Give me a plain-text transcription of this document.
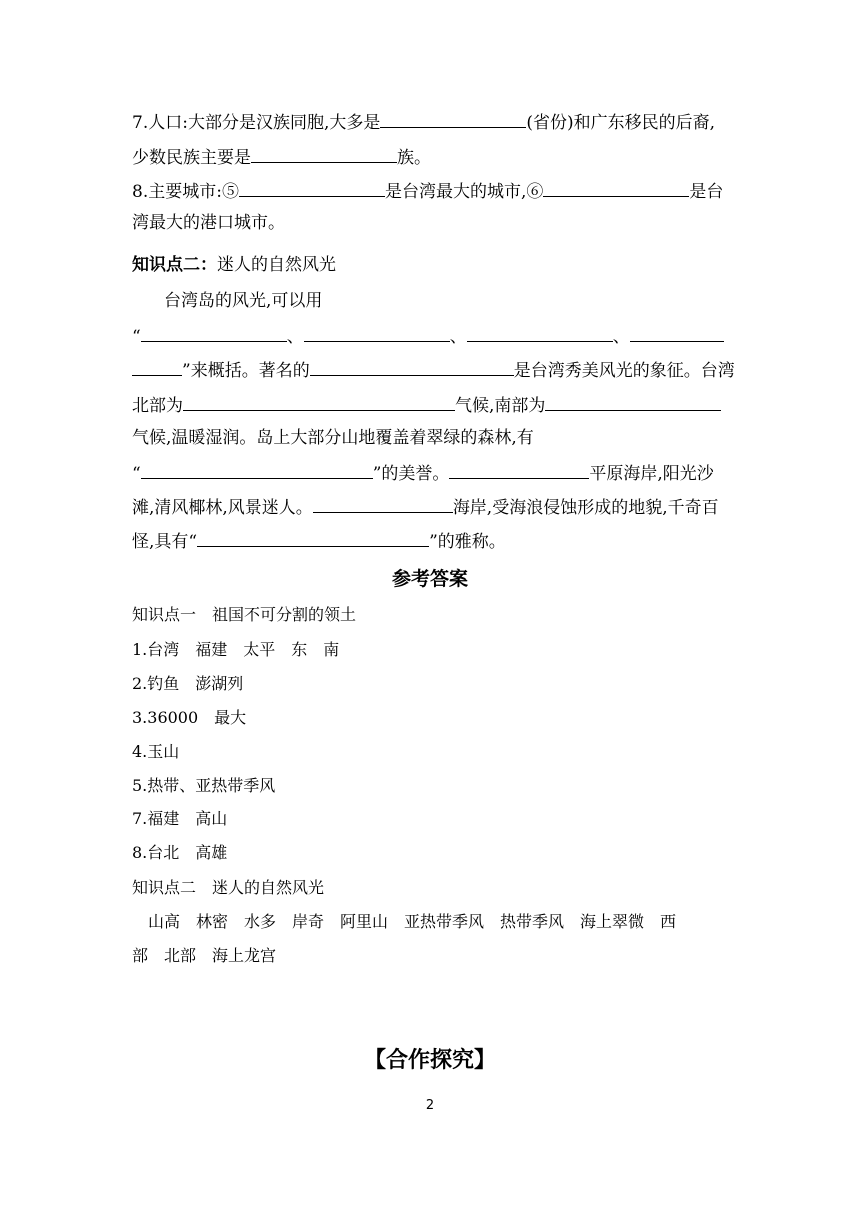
7.人口:大部分是汉族同胞,大多是	(省份)和广东移民的后裔,
少数民族主要是	族。
8.主要城市:⑤	是台湾最大的城市,⑥	是台
湾最大的港口城市。
知识点二：迷人的自然风光
台湾岛的风光,可以用
“	、	、	、
”来概括。著名的	是台湾秀美风光的象征。台湾
北部为	气候,南部为
气候,温暖湿润。岛上大部分山地覆盖着翠绿的森林,有
“	”的美誉。	平原海岸,阳光沙
滩,清风椰林,风景迷人。	海岸,受海浪侵蚀形成的地貌,千奇百
怪,具有“	”的雅称。
参考答案
知识点一　祖国不可分割的领土
1.台湾　福建　太平　东　南
2.钓鱼　澎湖列
3.36000　最大
4.玉山
5.热带、亚热带季风
7.福建　高山
8.台北　高雄
知识点二　迷人的自然风光
　山高　林密　水多　岸奇　阿里山　亚热带季风　热带季风　海上翠微　西
部　北部　海上龙宫
【合作探究】
2
